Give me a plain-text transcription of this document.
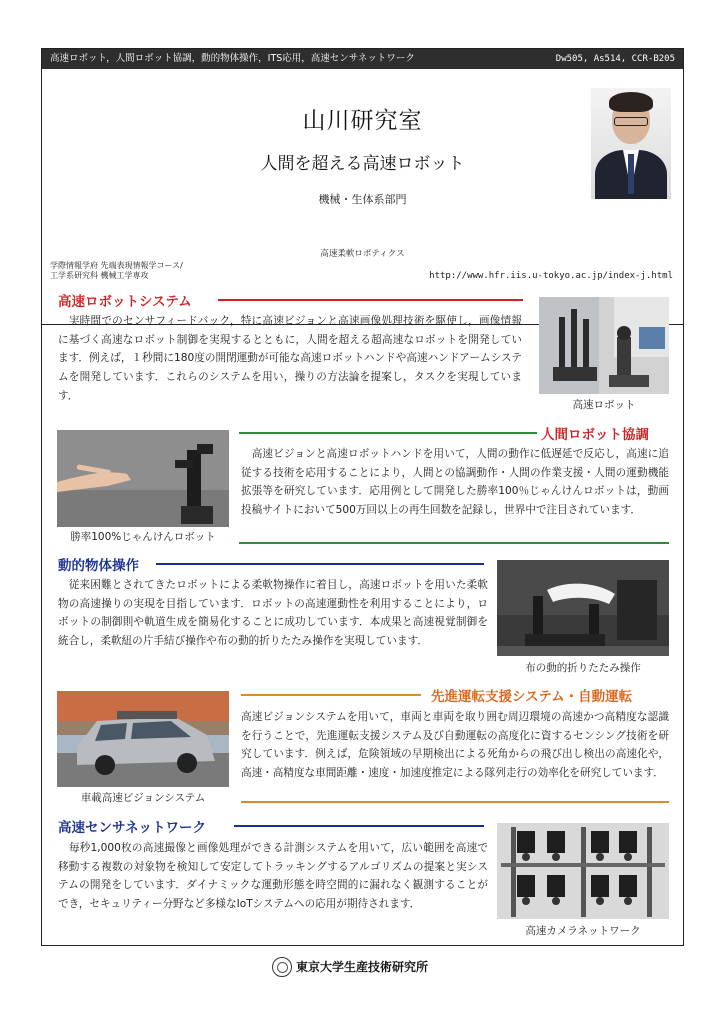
高速ロボット，人間ロボット協調，動的物体操作，ITS応用，高速センサネットワーク	Dw505, As514, CCR-B205
山川研究室
人間を超える高速ロボット
機械・生体系部門
高速柔軟ロボティクス
学際情報学府 先端表現情報学コース/
工学系研究科 機械工学専攻	http://www.hfr.iis.u-tokyo.ac.jp/index-j.html
高速ロボットシステム
　実時間でのセンサフィードバック，特に高速ビジョンと高速画像処理技術を駆使し，画像情報に基づく高速なロボット制御を実現するとともに，人間を超える超高速なロボットを開発しています．例えば，１秒間に180度の開閉運動が可能な高速ロボットハンドや高速ハンドアームシステムを開発しています．これらのシステムを用い，操りの方法論を提案し，タスクを実現しています．
高速ロボット
人間ロボット協調
勝率100%じゃんけんロボット
　高速ビジョンと高速ロボットハンドを用いて，人間の動作に低遅延で反応し，高速に追従する技術を応用することにより，人間との協調動作・人間の作業支援・人間の運動機能拡張等を研究しています．応用例として開発した勝率100％じゃんけんロボットは，動画投稿サイトにおいて500万回以上の再生回数を記録し，世界中で注目されています．
動的物体操作
　従来困難とされてきたロボットによる柔軟物操作に着目し，高速ロボットを用いた柔軟物の高速操りの実現を目指しています．ロボットの高速運動性を利用することにより，ロボットの制御則や軌道生成を簡易化することに成功しています．本成果と高速視覚制御を統合し，柔軟紐の片手結び操作や布の動的折りたたみ操作を実現しています．
布の動的折りたたみ操作
先進運転支援システム・自動運転
車載高速ビジョンシステム
高速ビジョンシステムを用いて，車両と車両を取り囲む周辺環境の高速かつ高精度な認識を行うことで，先進運転支援システム及び自動運転の高度化に資するセンシング技術を研究しています．例えば，危険領域の早期検出による死角からの飛び出し検出の高速化や，高速・高精度な車間距離・速度・加速度推定による隊列走行の効率化を研究しています．
高速センサネットワーク
　毎秒1,000枚の高速撮像と画像処理ができる計測システムを用いて，広い範囲を高速で移動する複数の対象物を検知して安定してトラッキングするアルゴリズムの提案と実システムの開発をしています．ダイナミックな運動形態を時空間的に漏れなく観測することができ，セキュリティー分野など多様なIoTシステムへの応用が期待されます．
高速カメラネットワーク
東京大学生産技術研究所
